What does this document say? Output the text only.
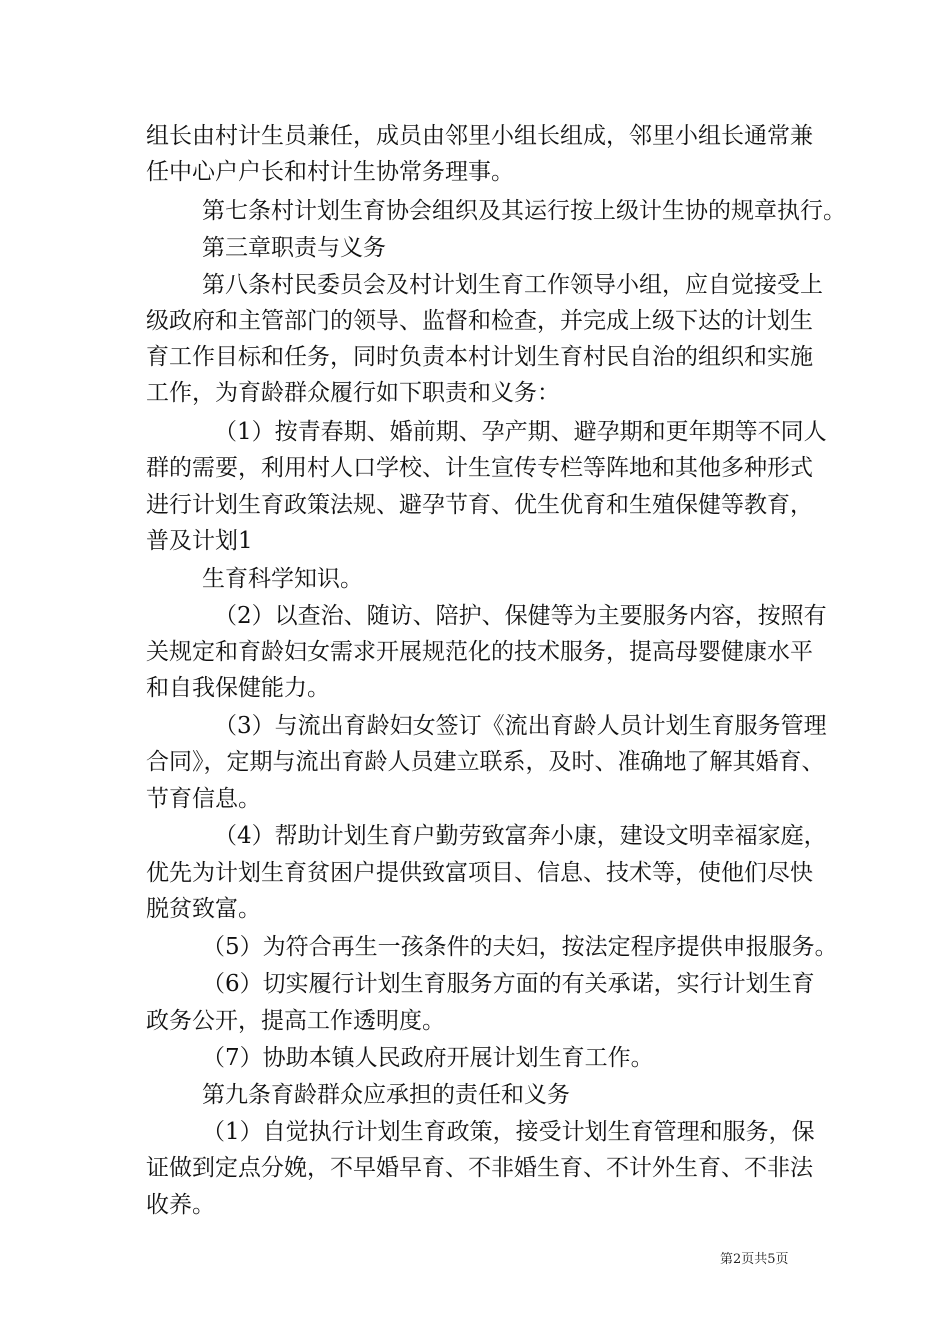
组长由村计生员兼任，成员由邻里小组长组成，邻里小组长通常兼
任中心户户长和村计生协常务理事。
第七条村计划生育协会组织及其运行按上级计生协的规章执行。
第三章职责与义务
第八条村民委员会及村计划生育工作领导小组，应自觉接受上
级政府和主管部门的领导、监督和检查，并完成上级下达的计划生
育工作目标和任务，同时负责本村计划生育村民自治的组织和实施
工作，为育龄群众履行如下职责和义务：
（1）按青春期、婚前期、孕产期、避孕期和更年期等不同人
群的需要，利用村人口学校、计生宣传专栏等阵地和其他多种形式
进行计划生育政策法规、避孕节育、优生优育和生殖保健等教育，
普及计划1
生育科学知识。
（2）以查治、随访、陪护、保健等为主要服务内容，按照有
关规定和育龄妇女需求开展规范化的技术服务，提高母婴健康水平
和自我保健能力。
（3）与流出育龄妇女签订《流出育龄人员计划生育服务管理
合同》，定期与流出育龄人员建立联系，及时、准确地了解其婚育、
节育信息。
（4）帮助计划生育户勤劳致富奔小康，建设文明幸福家庭，
优先为计划生育贫困户提供致富项目、信息、技术等，使他们尽快
脱贫致富。
（5）为符合再生一孩条件的夫妇，按法定程序提供申报服务。
（6）切实履行计划生育服务方面的有关承诺，实行计划生育
政务公开，提高工作透明度。
（7）协助本镇人民政府开展计划生育工作。
第九条育龄群众应承担的责任和义务
（1）自觉执行计划生育政策，接受计划生育管理和服务，保
证做到定点分娩，不早婚早育、不非婚生育、不计外生育、不非法
收养。
第2页共5页
